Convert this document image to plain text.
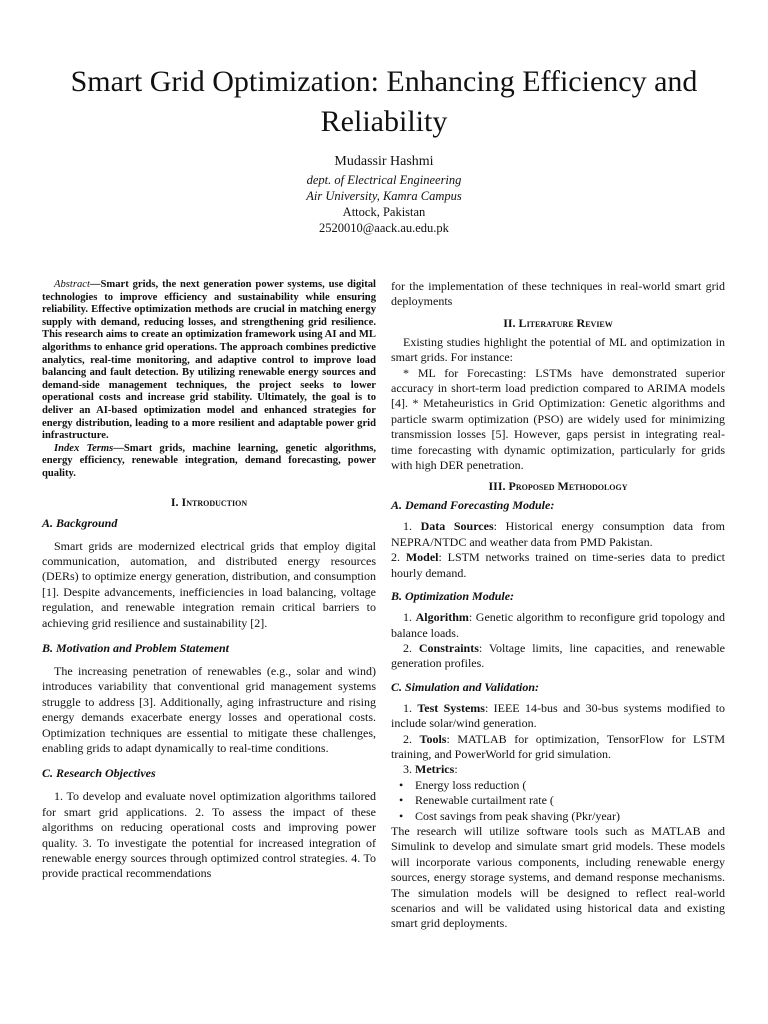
Smart Grid Optimization: Enhancing Efficiency and Reliability
Mudassir Hashmi
dept. of Electrical Engineering
Air University, Kamra Campus
Attock, Pakistan
2520010@aack.au.edu.pk

Abstract—Smart grids, the next generation power systems, use digital technologies to improve efficiency and sustainability while ensuring reliability. Effective optimization methods are crucial in matching energy supply with demand, reducing losses, and strengthening grid resilience. This research aims to create an optimization framework using AI and ML algorithms to enhance grid operations. The approach combines predictive analytics, real-time monitoring, and adaptive control to improve load balancing and fault detection. By utilizing renewable energy sources and demand-side management techniques, the project seeks to lower operational costs and increase grid stability. Ultimately, the goal is to deliver an AI-based optimization model and enhanced strategies for energy distribution, leading to a more resilient and adaptable power grid infrastructure.

Index Terms—Smart grids, machine learning, genetic algorithms, energy efficiency, renewable integration, demand forecasting, power quality.

I. Introduction
A. Background

Smart grids are modernized electrical grids that employ digital communication, automation, and distributed energy resources (DERs) to optimize energy generation, distribution, and consumption [1]. Despite advancements, inefficiencies in load balancing, voltage regulation, and renewable integration remain critical barriers to achieving grid resilience and sustainability [2].

B. Motivation and Problem Statement

The increasing penetration of renewables (e.g., solar and wind) introduces variability that conventional grid management systems struggle to address [3]. Additionally, aging infrastructure and rising energy demands exacerbate energy losses and operational costs. Optimization techniques are essential to mitigate these challenges, enabling grids to adapt dynamically to real-time conditions.

C. Research Objectives

1. To develop and evaluate novel optimization algorithms tailored for smart grid applications. 2. To assess the impact of these algorithms on reducing operational costs and improving power quality. 3. To investigate the potential for increased integration of renewable energy sources through optimized control strategies. 4. To provide practical recommendations

for the implementation of these techniques in real-world smart grid deployments

II. Literature Review

Existing studies highlight the potential of ML and optimization in smart grids. For instance:

* ML for Forecasting: LSTMs have demonstrated superior accuracy in short-term load prediction compared to ARIMA models [4]. * Metaheuristics in Grid Optimization: Genetic algorithms and particle swarm optimization (PSO) are widely used for minimizing transmission losses [5]. However, gaps persist in integrating real-time forecasting with dynamic optimization, particularly for grids with high DER penetration.

III. Proposed Methodology
A. Demand Forecasting Module:

1. Data Sources: Historical energy consumption data from NEPRA/NTDC and weather data from PMD Pakistan.

2. Model: LSTM networks trained on time-series data to predict hourly demand.

B. Optimization Module:

1. Algorithm: Genetic algorithm to reconfigure grid topology and balance loads.

2. Constraints: Voltage limits, line capacities, and renewable generation profiles.

C. Simulation and Validation:

1. Test Systems: IEEE 14-bus and 30-bus systems modified to include solar/wind generation.

2. Tools: MATLAB for optimization, TensorFlow for LSTM training, and PowerWorld for grid simulation.

3. Metrics:

• Energy loss reduction (
• Renewable curtailment rate (
• Cost savings from peak shaving (Pkr/year)

The research will utilize software tools such as MATLAB and Simulink to develop and simulate smart grid models. These models will incorporate various components, including renewable energy sources, energy storage systems, and demand response mechanisms. The simulation models will be designed to reflect real-world scenarios and will be validated using historical data and existing smart grid deployments.
